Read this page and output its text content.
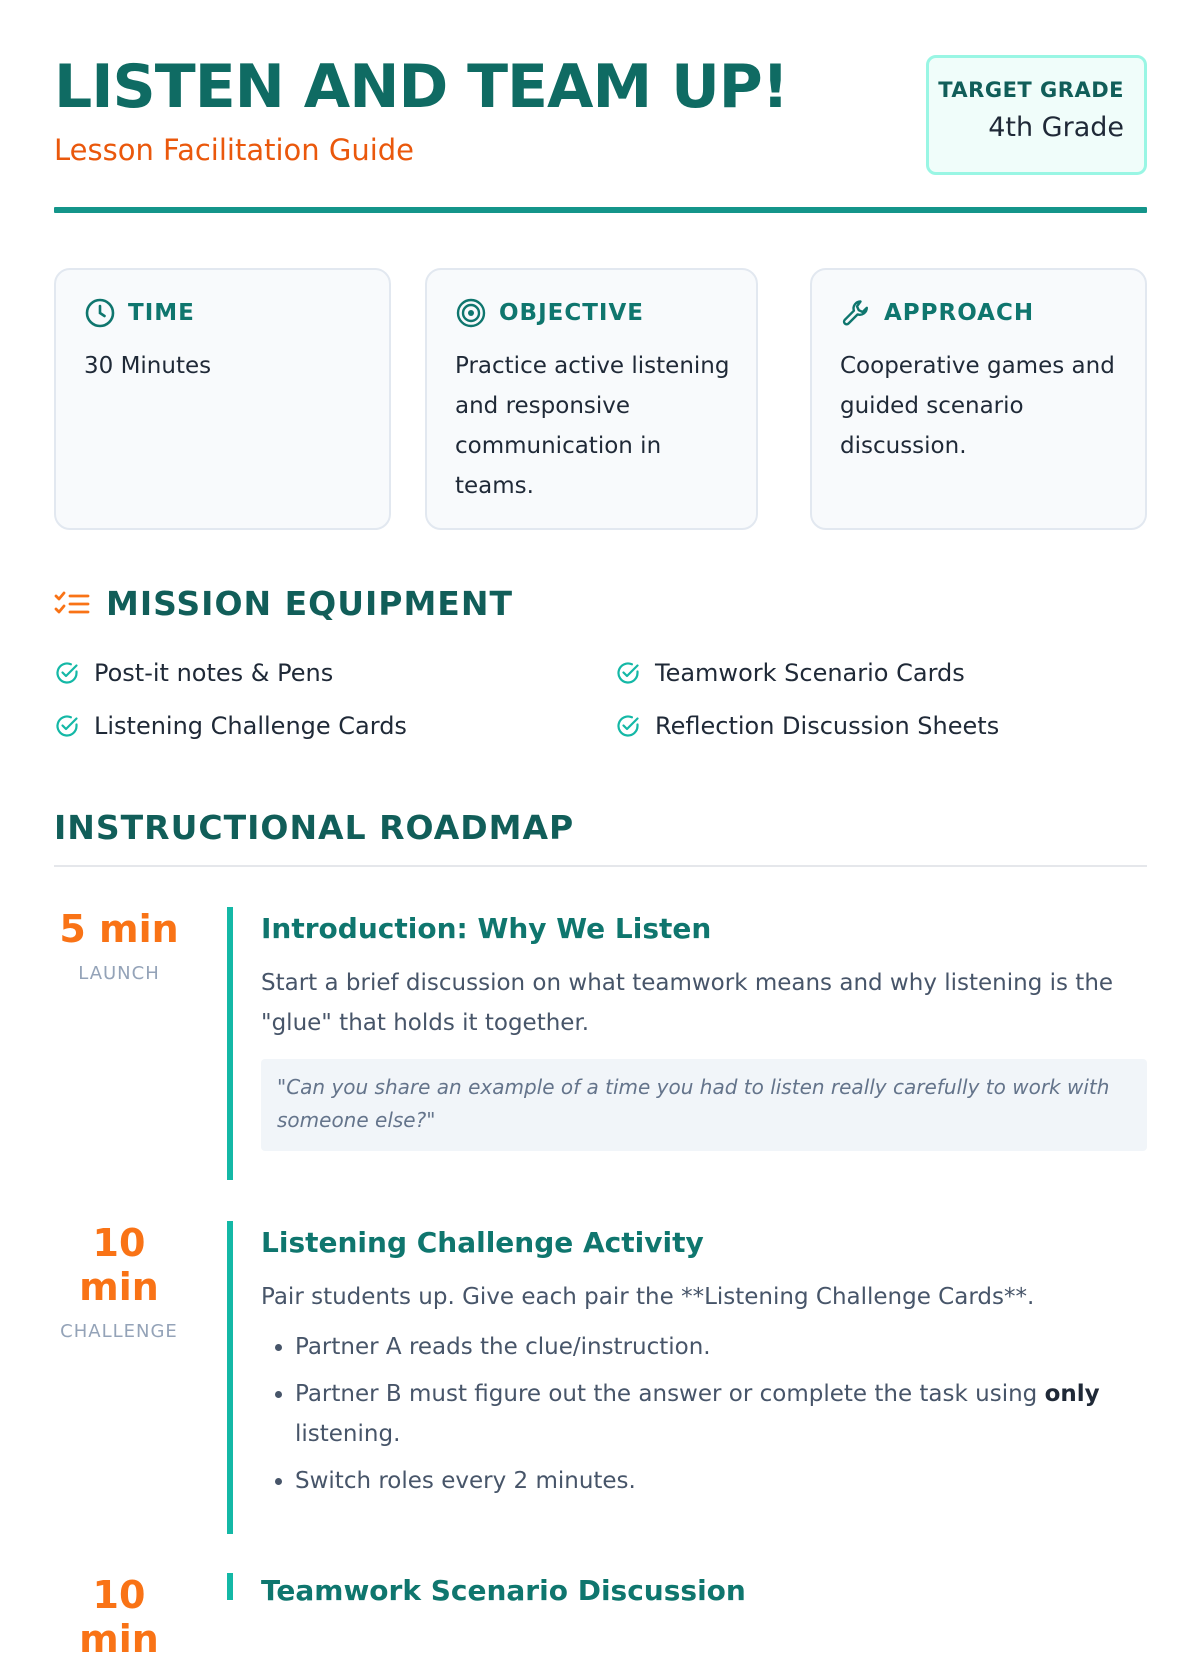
LISTEN AND TEAM UP!
Lesson Facilitation Guide
TARGET GRADE
4th Grade
TIME
30 Minutes
OBJECTIVE
Practice active listening and responsive communication in teams.
APPROACH
Cooperative games and guided scenario discussion.
MISSION EQUIPMENT
Post-it notes & Pens	Teamwork Scenario Cards
Listening Challenge Cards	Reflection Discussion Sheets
INSTRUCTIONAL ROADMAP
5 min
LAUNCH
Introduction: Why We Listen
Start a brief discussion on what teamwork means and why listening is the "glue" that holds it together.
"Can you share an example of a time you had to listen really carefully to work with someone else?"
10 min
CHALLENGE
Listening Challenge Activity
Pair students up. Give each pair the **Listening Challenge Cards**.
• Partner A reads the clue/instruction.
• Partner B must figure out the answer or complete the task using only listening.
• Switch roles every 2 minutes.
10 min
Teamwork Scenario Discussion
